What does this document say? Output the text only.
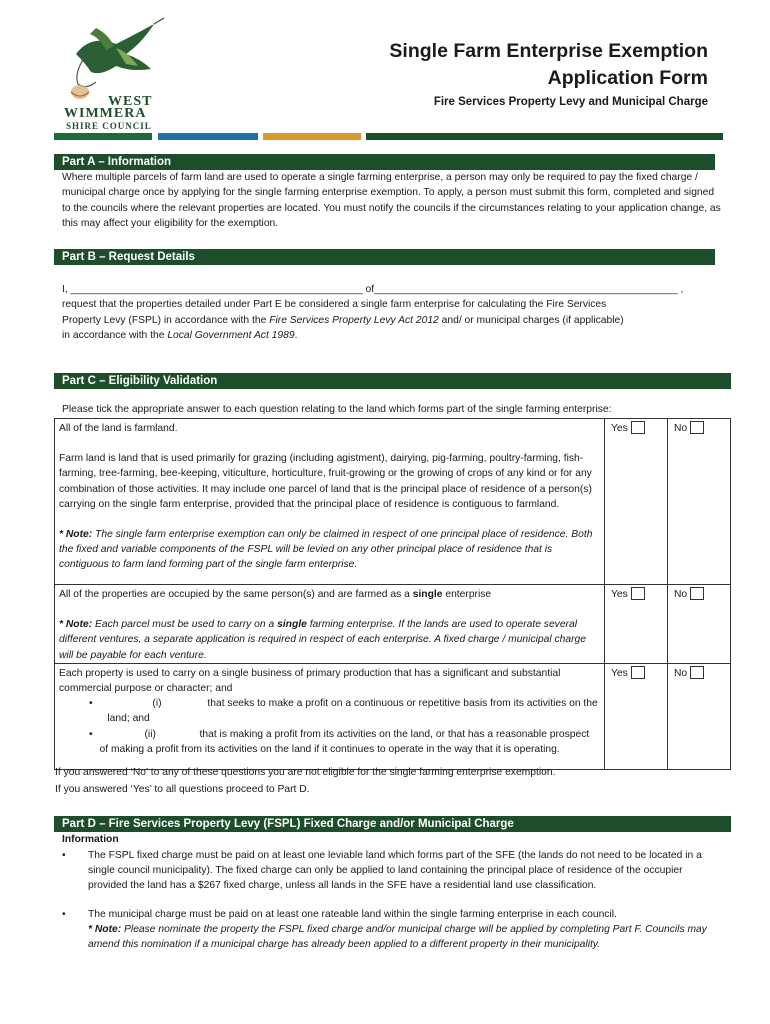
WEST
WIMMERA
SHIRE COUNCIL
Single Farm Enterprise Exemption
Application Form
Fire Services Property Levy and Municipal Charge
Part A – Information
Where multiple parcels of farm land are used to operate a single farming enterprise, a person may only be required to pay the fixed charge / municipal charge once by applying for the single farming enterprise exemption. To apply, a person must submit this form, completed and signed to the councils where the relevant properties are located. You must notify the councils if the circumstances relating to your application change, as this may affect your eligibility for the exemption.
Part B – Request Details
I, ___________________________________________________ of_____________________________________________________ ,
request that the properties detailed under Part E be considered a single farm enterprise for calculating the Fire Services
Property Levy (FSPL) in accordance with the Fire Services Property Levy Act 2012 and/ or municipal charges (if applicable)
in accordance with the Local Government Act 1989.
Part C – Eligibility Validation
Please tick the appropriate answer to each question relating to the land which forms part of the single farming enterprise:
All of the land is farmland.
Farm land is land that is used primarily for grazing (including agistment), dairying, pig-farming, poultry-farming, fish-farming, tree-farming, bee-keeping, viticulture, horticulture, fruit-growing or the growing of crops of any kind or for any combination of those activities. It may include one parcel of land that is the principal place of residence of a person(s) carrying on the single farm enterprise, provided that the principal place of residence is contiguous to farmland.
* Note: The single farm enterprise exemption can only be claimed in respect of one principal place of residence. Both the fixed and variable components of the FSPL will be levied on any other principal place of residence that is contiguous to farm land forming part of the single farm enterprise.	Yes	No

All of the properties are occupied by the same person(s) and are farmed as a single enterprise
* Note: Each parcel must be used to carry on a single farming enterprise. If the lands are used to operate several different ventures, a separate application is required in respect of each enterprise. A fixed charge / municipal charge will be payable for each venture.	Yes	No

Each property is used to carry on a single business of primary production that has a significant and substantial commercial purpose or character; and
• (i) that seeks to make a profit on a continuous or repetitive basis from its activities on the land; and
• (ii) that is making a profit from its activities on the land, or that has a reasonable prospect of making a profit from its activities on the land if it continues to operate in the way that it is operating.	Yes	No
If you answered ‘No’ to any of these questions you are not eligible for the single farming enterprise exemption.
If you answered ‘Yes’ to all questions proceed to Part D.
Part D – Fire Services Property Levy (FSPL) Fixed Charge and/or Municipal Charge
Information
• The FSPL fixed charge must be paid on at least one leviable land which forms part of the SFE (the lands do not need to be located in a single council municipality). The fixed charge can only be applied to land containing the principal place of residence of the occupier provided the land has a $267 fixed charge, unless all lands in the SFE have a residential land use classification.
• The municipal charge must be paid on at least one rateable land within the single farming enterprise in each council.
* Note: Please nominate the property the FSPL fixed charge and/or municipal charge will be applied by completing Part F. Councils may amend this nomination if a municipal charge has already been applied to a different property in their municipality.
